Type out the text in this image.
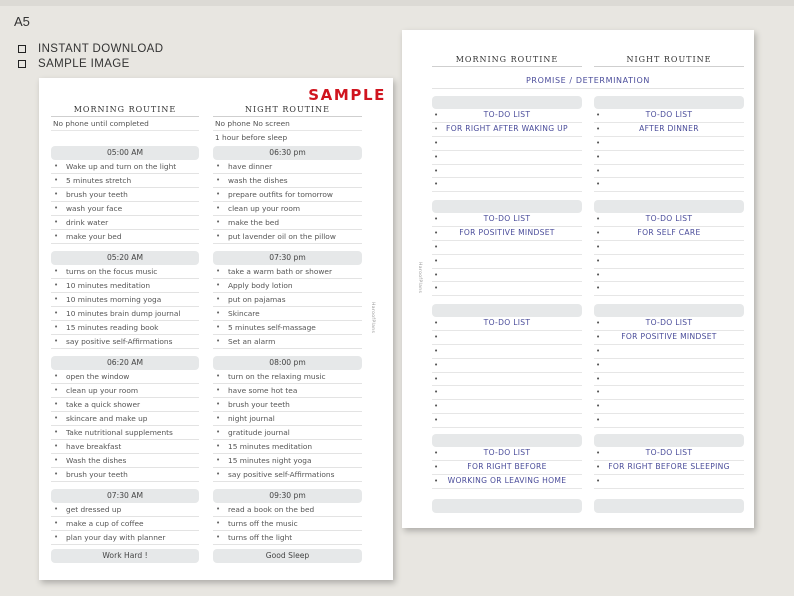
A5
INSTANT DOWNLOAD
SAMPLE IMAGE
SAMPLE
HaroofPlans
MORNING ROUTINE
No phone until completed
05:00 AM
• Wake up and turn on the light
• 5 minutes stretch
• brush your teeth
• wash your face
• drink water
• make your bed
05:20 AM
• turns on the focus music
• 10 minutes meditation
• 10 minutes morning yoga
• 10 minutes brain dump journal
• 15 minutes reading book
• say positive self-Affirmations
06:20 AM
• open the window
• clean up your room
• take a quick shower
• skincare and make up
• Take nutritional supplements
• have breakfast
• Wash the dishes
• brush your teeth
07:30 AM
• get dressed up
• make a cup of coffee
• plan your day with planner
Work Hard !
NIGHT ROUTINE
No phone No screen
1 hour before sleep
06:30 pm
• have dinner
• wash the dishes
• prepare outfits for tomorrow
• clean up your room
• make the bed
• put lavender oil on the pillow
07:30 pm
• take a warm bath or shower
• Apply body lotion
• put on pajamas
• Skincare
• 5 minutes self-massage
• Set an alarm
08:00 pm
• turn on the relaxing music
• have some hot tea
• brush your teeth
• night journal
• gratitude journal
• 15 minutes meditation
• 15 minutes night yoga
• say positive self-Affirmations
09:30 pm
• read a book on the bed
• turns off the music
• turns off the light
Good Sleep
HaroofPlans
MORNING ROUTINE	NIGHT ROUTINE
PROMISE / DETERMINATION
•	TO-DO LIST
• FOR RIGHT AFTER WAKING UP
•
•
•
•
•	TO-DO LIST
•	AFTER DINNER
•
•
•
•
•	TO-DO LIST
•	FOR POSITIVE MINDSET
•
•
•
•
•	TO-DO LIST
•	FOR SELF CARE
•
•
•
•
•	TO-DO LIST
•
•
•
•
•
•
•
•	TO-DO LIST
•	FOR POSITIVE MINDSET
•
•
•
•
•
•
•	TO-DO LIST
•	FOR RIGHT BEFORE
• WORKING OR LEAVING HOME
•	TO-DO LIST
• FOR RIGHT BEFORE SLEEPING
•
